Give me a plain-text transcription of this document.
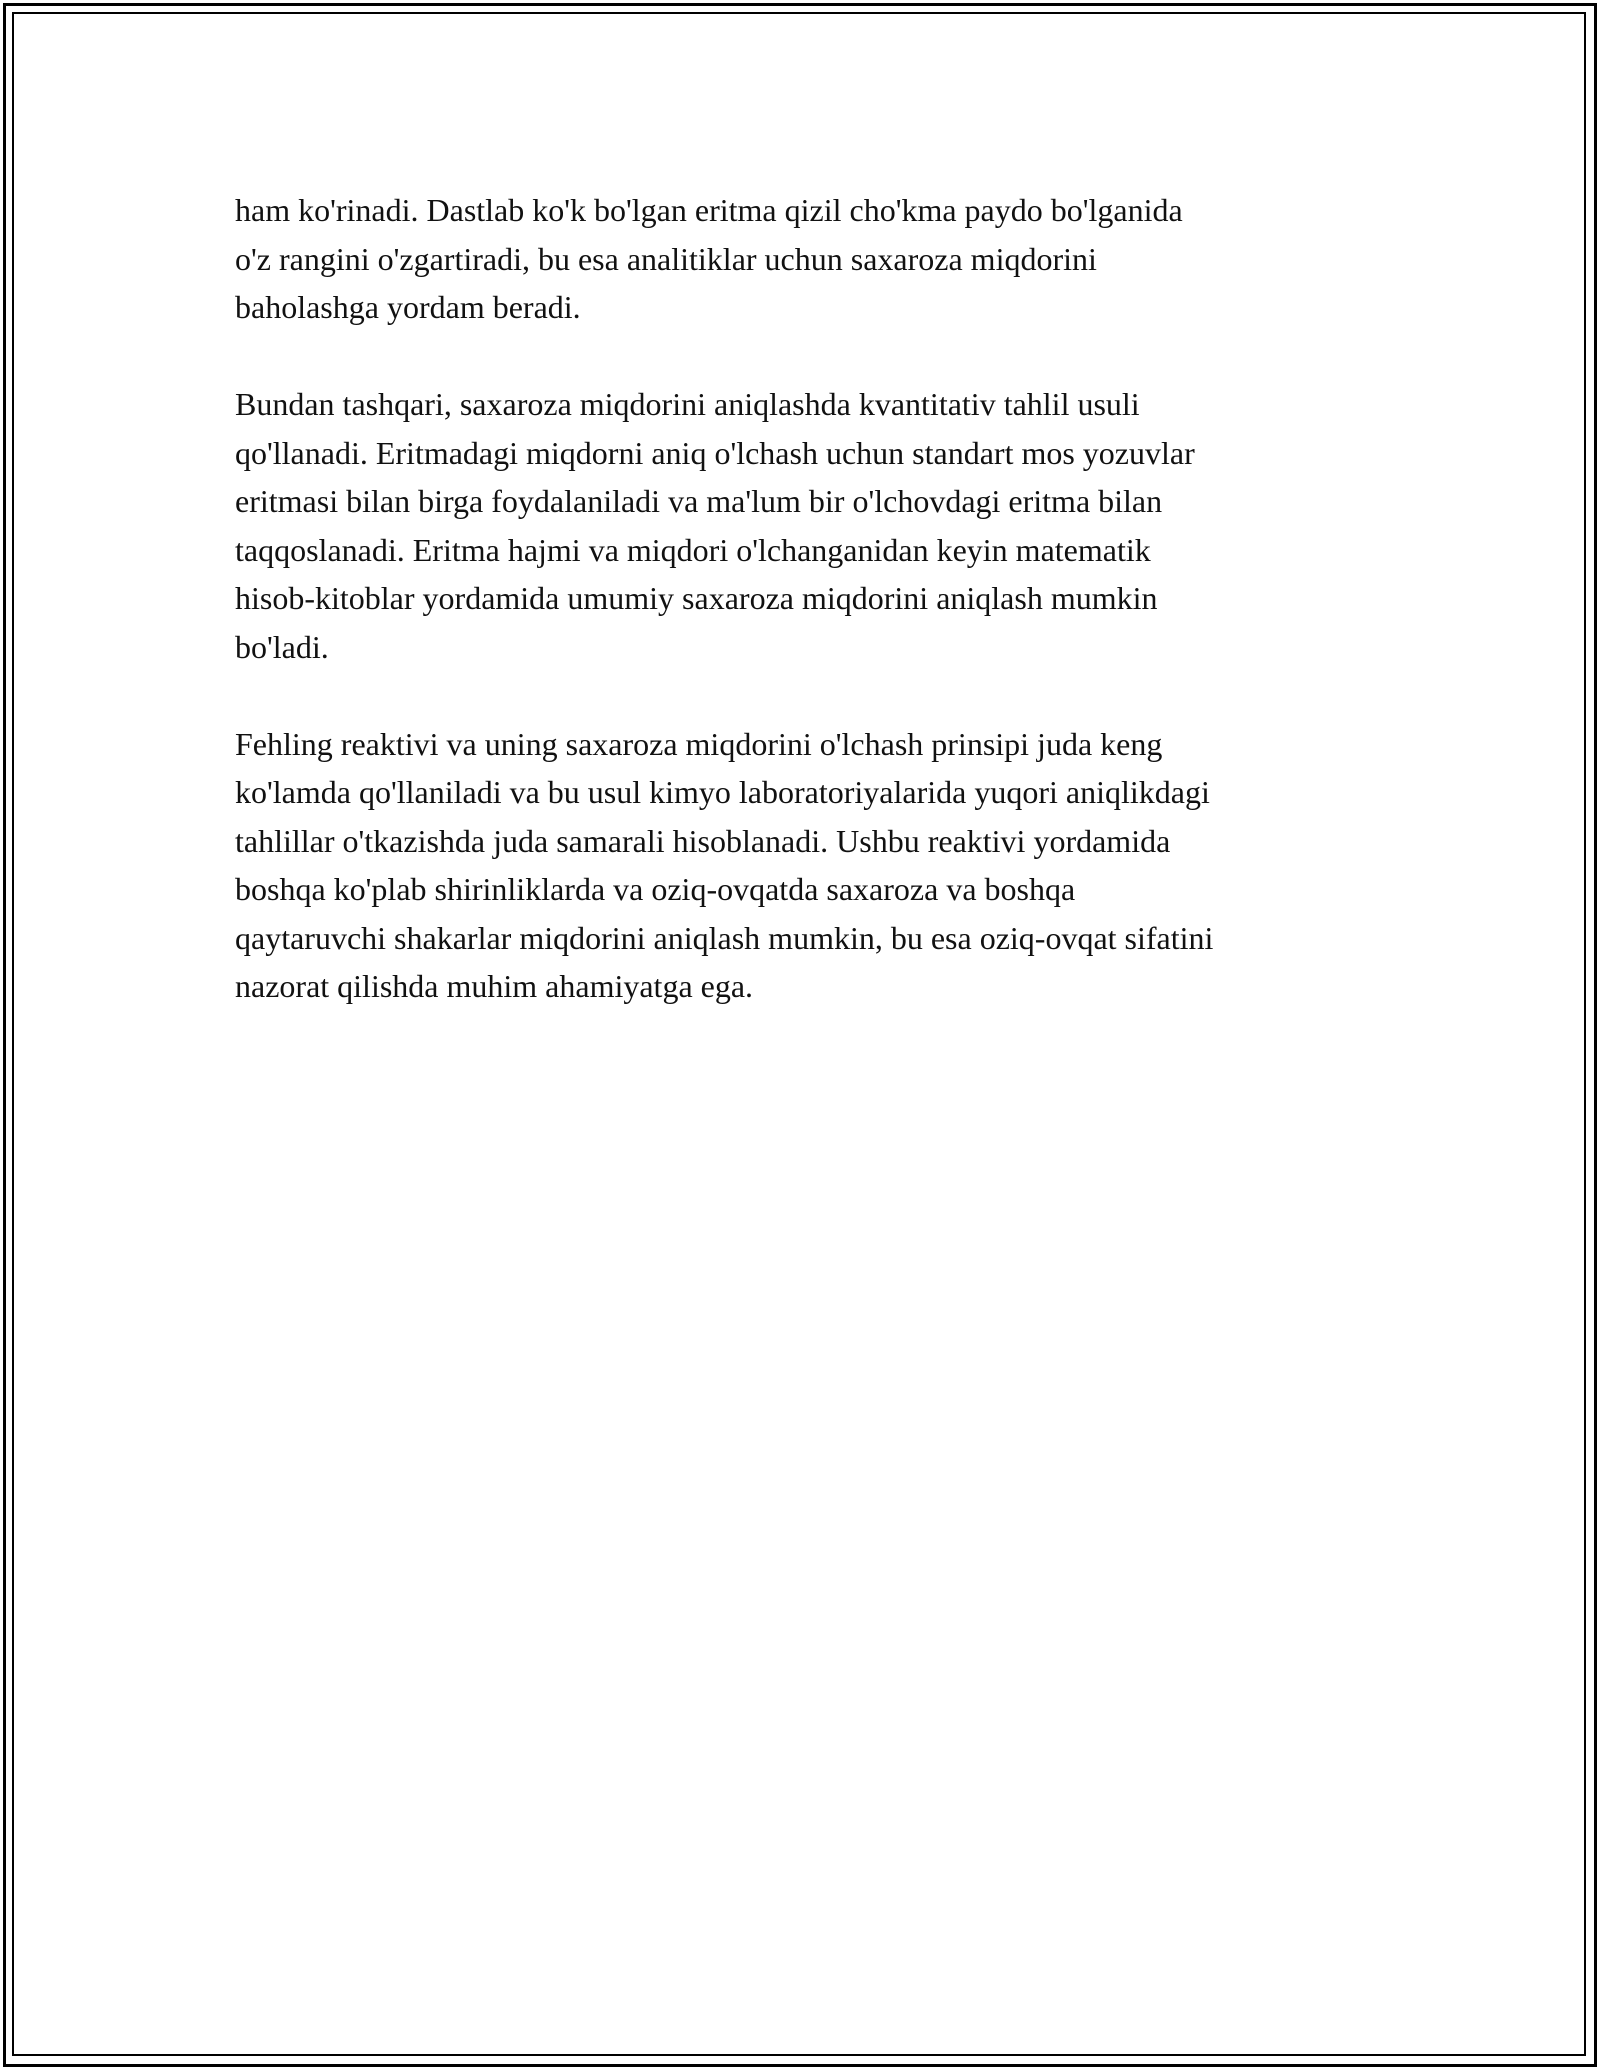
ham ko'rinadi. Dastlab ko'k bo'lgan eritma qizil cho'kma paydo bo'lganida
o'z rangini o'zgartiradi, bu esa analitiklar uchun saxaroza miqdorini
baholashga yordam beradi.

Bundan tashqari, saxaroza miqdorini aniqlashda kvantitativ tahlil usuli
qo'llanadi. Eritmadagi miqdorni aniq o'lchash uchun standart mos yozuvlar
eritmasi bilan birga foydalaniladi va ma'lum bir o'lchovdagi eritma bilan
taqqoslanadi. Eritma hajmi va miqdori o'lchanganidan keyin matematik
hisob-kitoblar yordamida umumiy saxaroza miqdorini aniqlash mumkin
bo'ladi.

Fehling reaktivi va uning saxaroza miqdorini o'lchash prinsipi juda keng
ko'lamda qo'llaniladi va bu usul kimyo laboratoriyalarida yuqori aniqlikdagi
tahlillar o'tkazishda juda samarali hisoblanadi. Ushbu reaktivi yordamida
boshqa ko'plab shirinliklarda va oziq-ovqatda saxaroza va boshqa
qaytaruvchi shakarlar miqdorini aniqlash mumkin, bu esa oziq-ovqat sifatini
nazorat qilishda muhim ahamiyatga ega.
